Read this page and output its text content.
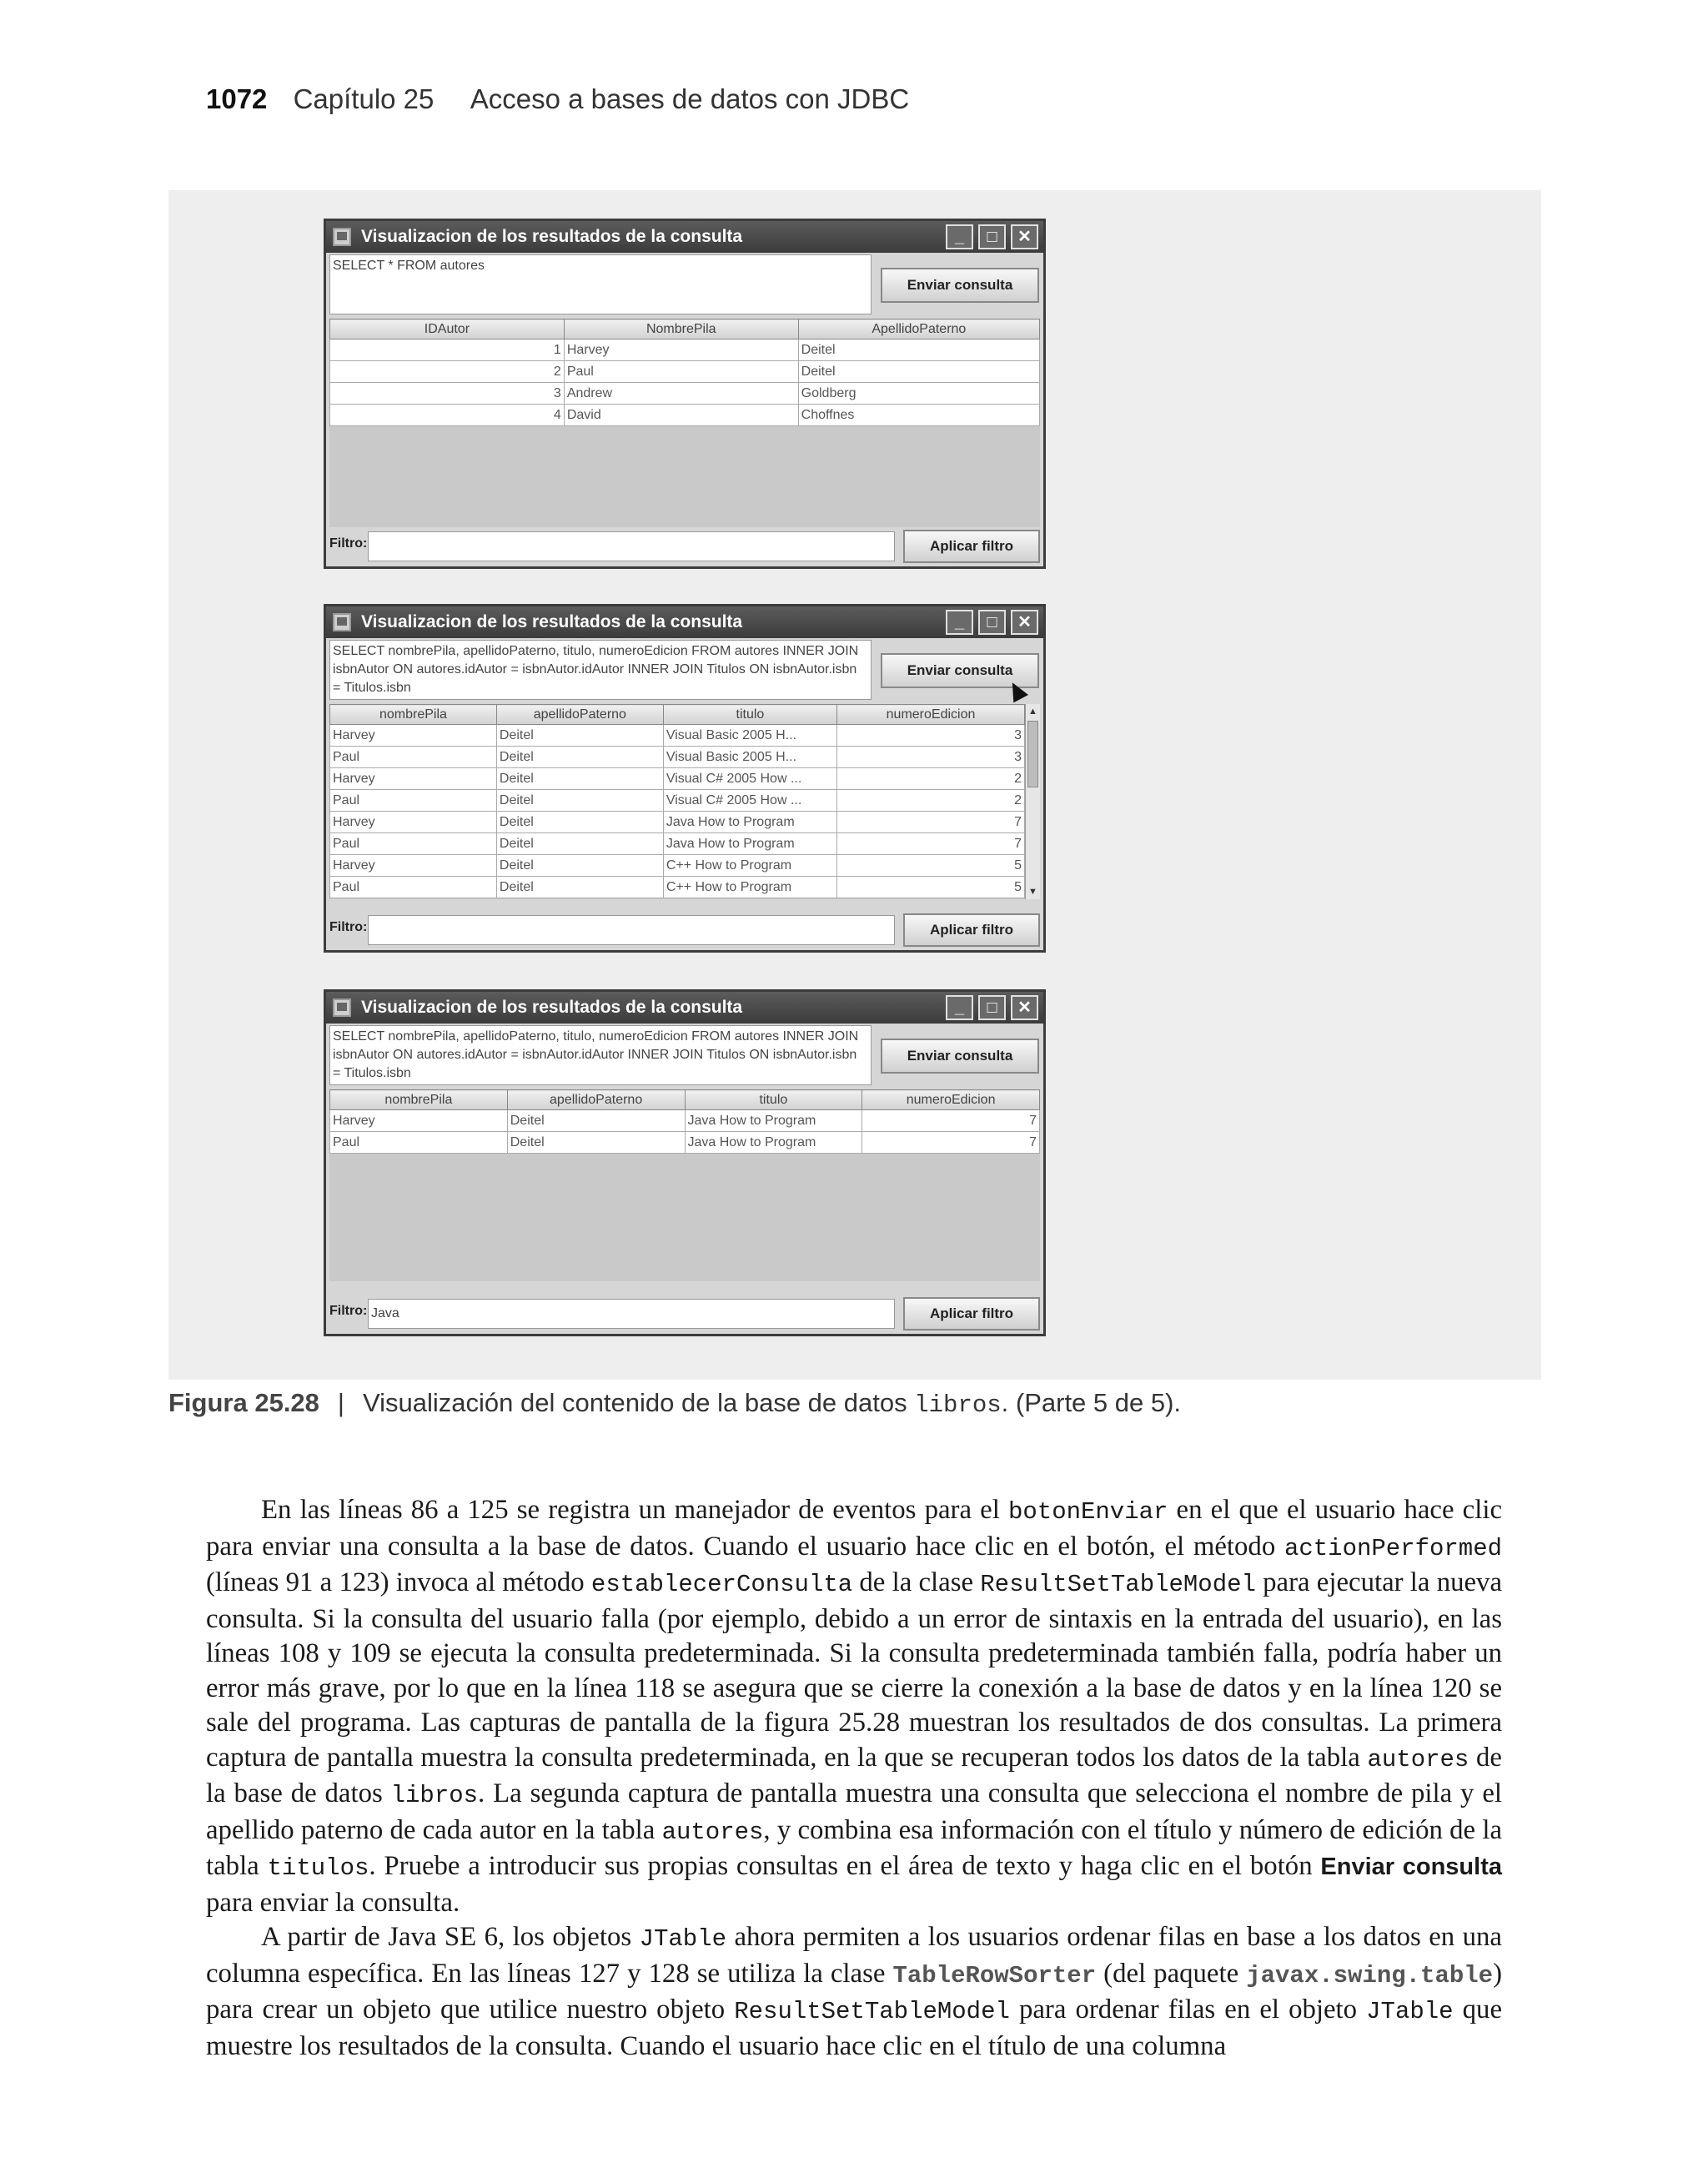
1072 Capítulo 25 Acceso a bases de datos con JDBC
Visualizacion de los resultados de la consulta	_	□	✕
SELECT * FROM autores
Enviar consulta
IDAutor	NombrePila	ApellidoPaterno
1	Harvey	Deitel
2	Paul	Deitel
3	Andrew	Goldberg
4	David	Choffnes
Filtro:	Aplicar filtro
Visualizacion de los resultados de la consulta	_	□	✕
SELECT nombrePila, apellidoPaterno, titulo, numeroEdicion FROM autores INNER JOIN isbnAutor ON autores.idAutor = isbnAutor.idAutor INNER JOIN Titulos ON isbnAutor.isbn = Titulos.isbn
Enviar consulta
nombrePila	apellidoPaterno	titulo	numeroEdicion
Harvey	Deitel	Visual Basic 2005 H...	3
Paul	Deitel	Visual Basic 2005 H...	3
Harvey	Deitel	Visual C# 2005 How ...	2
Paul	Deitel	Visual C# 2005 How ...	2
Harvey	Deitel	Java How to Program	7
Paul	Deitel	Java How to Program	7
Harvey	Deitel	C++ How to Program	5
Paul	Deitel	C++ How to Program	5
▲
▼
Filtro:	Aplicar filtro
Visualizacion de los resultados de la consulta	_	□	✕
SELECT nombrePila, apellidoPaterno, titulo, numeroEdicion FROM autores INNER JOIN isbnAutor ON autores.idAutor = isbnAutor.idAutor INNER JOIN Titulos ON isbnAutor.isbn = Titulos.isbn
Enviar consulta
nombrePila	apellidoPaterno	titulo	numeroEdicion
Harvey	Deitel	Java How to Program	7
Paul	Deitel	Java How to Program	7
Filtro: Java	Aplicar filtro
Figura 25.28 | Visualización del contenido de la base de datos libros. (Parte 5 de 5).

En las líneas 86 a 125 se registra un manejador de eventos para el botonEnviar en el que el usuario hace clic para enviar una consulta a la base de datos. Cuando el usuario hace clic en el botón, el método actionPerformed (líneas 91 a 123) invoca al método establecerConsulta de la clase ResultSetTableModel para ejecutar la nueva consulta. Si la consulta del usuario falla (por ejemplo, debido a un error de sintaxis en la entrada del usuario), en las líneas 108 y 109 se ejecuta la consulta predeterminada. Si la consulta predeterminada también falla, podría haber un error más grave, por lo que en la línea 118 se asegura que se cierre la conexión a la base de datos y en la línea 120 se sale del programa. Las capturas de pantalla de la figura 25.28 muestran los resultados de dos consultas. La primera captura de pantalla muestra la consulta predeterminada, en la que se recuperan todos los datos de la tabla autores de la base de datos libros. La segunda captura de pantalla muestra una consulta que selecciona el nombre de pila y el apellido paterno de cada autor en la tabla autores, y combina esa información con el título y número de edición de la tabla titulos. Pruebe a introducir sus propias consultas en el área de texto y haga clic en el botón Enviar consulta para enviar la consulta.

A partir de Java SE 6, los objetos JTable ahora permiten a los usuarios ordenar filas en base a los datos en una columna específica. En las líneas 127 y 128 se utiliza la clase TableRowSorter (del paquete javax.swing.table) para crear un objeto que utilice nuestro objeto ResultSetTableModel para ordenar filas en el objeto JTable que muestre los resultados de la consulta. Cuando el usuario hace clic en el título de una columna
